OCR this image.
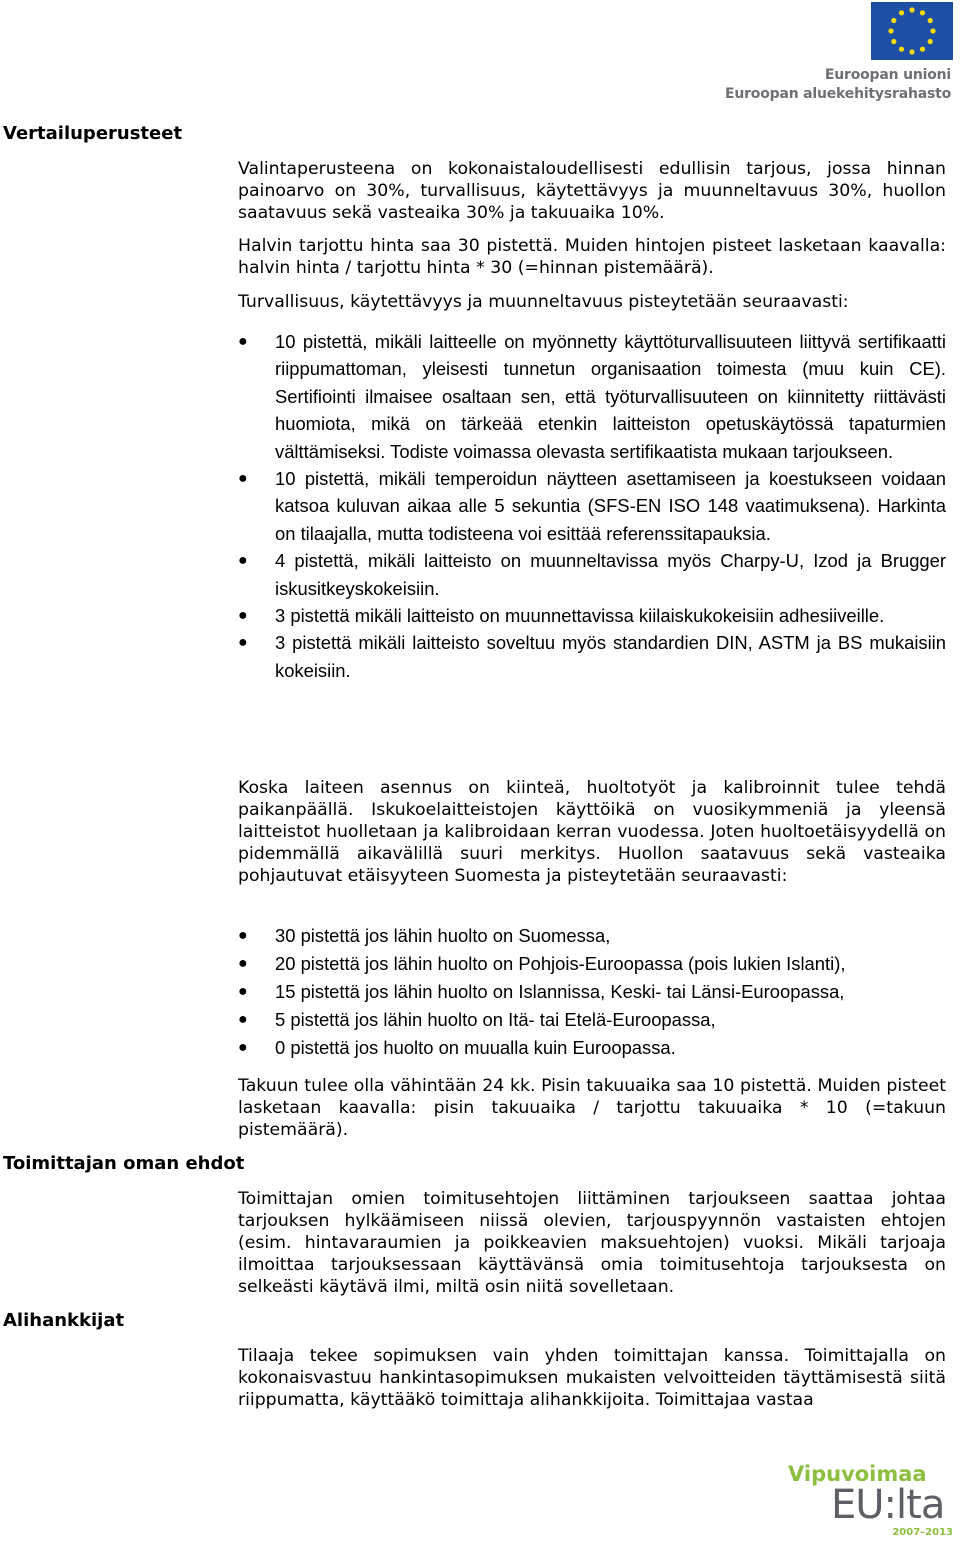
Euroopan unioni
Euroopan aluekehitysrahasto
Vertailuperusteet
Toimittajan oman ehdot
Alihankkijat

Valintaperusteena on kokonaistaloudellisesti edullisin tarjous, jossa hinnan painoarvo on 30%, turvallisuus, käytettävyys ja muunneltavuus 30%, huollon saatavuus sekä vasteaika 30% ja takuuaika 10%.

Halvin tarjottu hinta saa 30 pistettä. Muiden hintojen pisteet lasketaan kaavalla: halvin hinta / tarjottu hinta * 30 (=hinnan pistemäärä).

Turvallisuus, käytettävyys ja muunneltavuus pisteytetään seuraavasti:

● 10 pistettä, mikäli laitteelle on myönnetty käyttöturvallisuuteen liittyvä sertifikaatti riippumattoman, yleisesti tunnetun organisaation toimesta (muu kuin CE). Sertifiointi ilmaisee osaltaan sen, että työturvallisuuteen on kiinnitetty riittävästi huomiota, mikä on tärkeää etenkin laitteiston opetuskäytössä tapaturmien välttämiseksi. Todiste voimassa olevasta sertifikaatista mukaan tarjoukseen.
● 10 pistettä, mikäli temperoidun näytteen asettamiseen ja koestukseen voidaan katsoa kuluvan aikaa alle 5 sekuntia (SFS-EN ISO 148 vaatimuksena). Harkinta on tilaajalla, mutta todisteena voi esittää referenssitapauksia.
● 4 pistettä, mikäli laitteisto on muunneltavissa myös Charpy-U, Izod ja Brugger iskusitkeyskokeisiin.
● 3 pistettä mikäli laitteisto on muunnettavissa kiilaiskukokeisiin adhesiiveille.
● 3 pistettä mikäli laitteisto soveltuu myös standardien DIN, ASTM ja BS mukaisiin kokeisiin.

Koska laiteen asennus on kiinteä, huoltotyöt ja kalibroinnit tulee tehdä paikanpäällä. Iskukoelaitteistojen käyttöikä on vuosikymmeniä ja yleensä laitteistot huolletaan ja kalibroidaan kerran vuodessa. Joten huoltoetäisyydellä on pidemmällä aikavälillä suuri merkitys. Huollon saatavuus sekä vasteaika pohjautuvat etäisyyteen Suomesta ja pisteytetään seuraavasti:

● 30 pistettä jos lähin huolto on Suomessa,
● 20 pistettä jos lähin huolto on Pohjois-Euroopassa (pois lukien Islanti),
● 15 pistettä jos lähin huolto on Islannissa, Keski- tai Länsi-Euroopassa,
● 5 pistettä jos lähin huolto on Itä- tai Etelä-Euroopassa,
● 0 pistettä jos huolto on muualla kuin Euroopassa.

Takuun tulee olla vähintään 24 kk. Pisin takuuaika saa 10 pistettä. Muiden pisteet lasketaan kaavalla: pisin takuuaika / tarjottu takuuaika * 10 (=takuun pistemäärä).

Toimittajan omien toimitusehtojen liittäminen tarjoukseen saattaa johtaa tarjouksen hylkäämiseen niissä olevien, tarjouspyynnön vastaisten ehtojen (esim. hintavaraumien ja poikkeavien maksuehtojen) vuoksi. Mikäli tarjoaja ilmoittaa tarjouksessaan käyttävänsä omia toimitusehtoja tarjouksesta on selkeästi käytävä ilmi, miltä osin niitä sovelletaan.

Tilaaja tekee sopimuksen vain yhden toimittajan kanssa. Toimittajalla on kokonaisvastuu hankintasopimuksen mukaisten velvoitteiden täyttämisestä siitä riippumatta, käyttääkö toimittaja alihankkijoita. Toimittajaa vastaa

Vipuvoimaa
EU:lta
2007–2013
